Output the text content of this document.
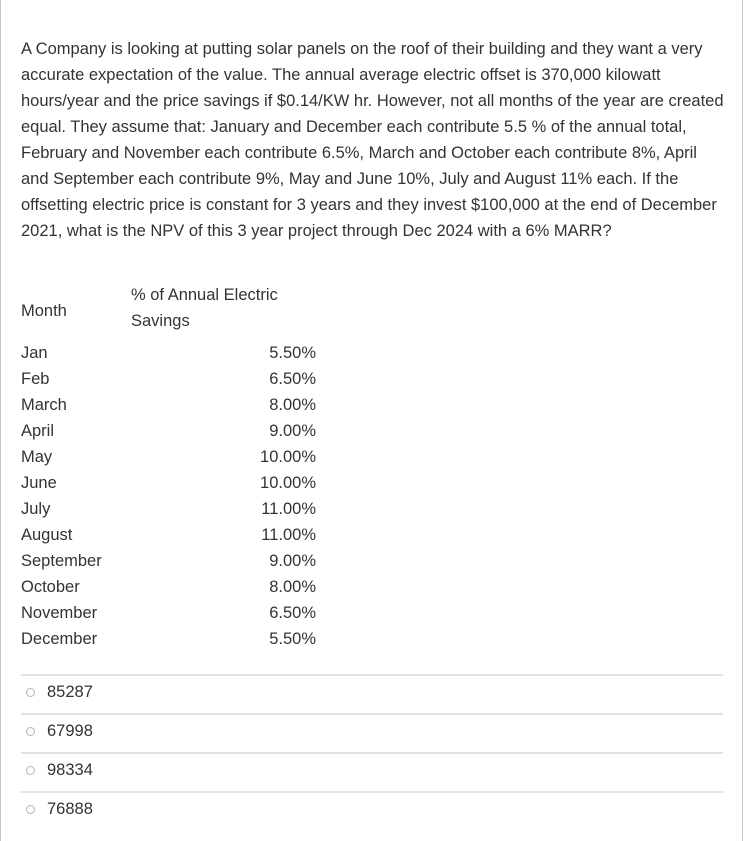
A Company is looking at putting solar panels on the roof of their building and they want a very accurate expectation of the value. The annual average electric offset is 370,000 kilowatt hours/year and the price savings if $0.14/KW hr. However, not all months of the year are created equal. They assume that: January and December each contribute 5.5 % of the annual total, February and November each contribute 6.5%, March and October each contribute 8%, April and September each contribute 9%, May and June 10%, July and August 11% each. If the offsetting electric price is constant for 3 years and they invest $100,000 at the end of December 2021, what is the NPV of this 3 year project through Dec 2024 with a 6% MARR?

Month	% of Annual Electric Savings
Jan	5.50%
Feb	6.50%
March	8.00%
April	9.00%
May	10.00%
June	10.00%
July	11.00%
August	11.00%
September	9.00%
October	8.00%
November	6.50%
December	5.50%
85287
67998
98334
76888
